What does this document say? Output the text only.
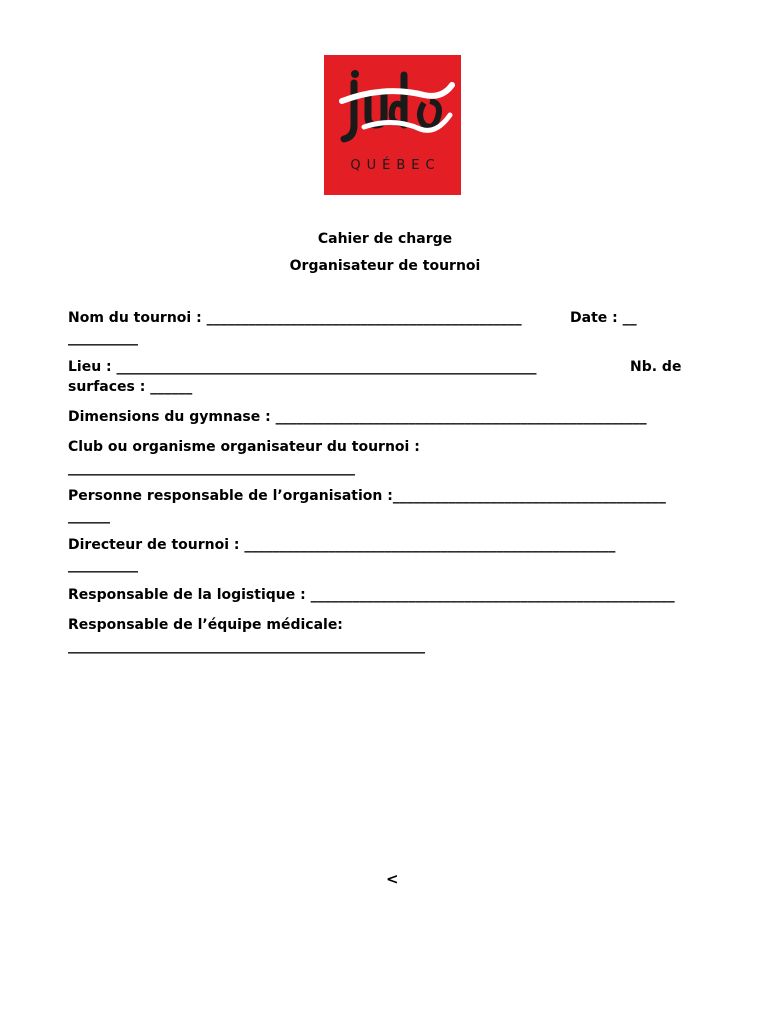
QUÉBEC
Cahier de charge
Organisateur de tournoi
Nom du tournoi : _____________________________________________	Date : __
__________
Lieu : ____________________________________________________________	Nb. de
surfaces : ______
Dimensions du gymnase : _____________________________________________________
Club ou organisme organisateur du tournoi :
_________________________________________
Personne responsable de l’organisation :_______________________________________
______
Directeur de tournoi : _____________________________________________________
__________
Responsable de la logistique : ____________________________________________________
Responsable de l’équipe médicale:
___________________________________________________
<
